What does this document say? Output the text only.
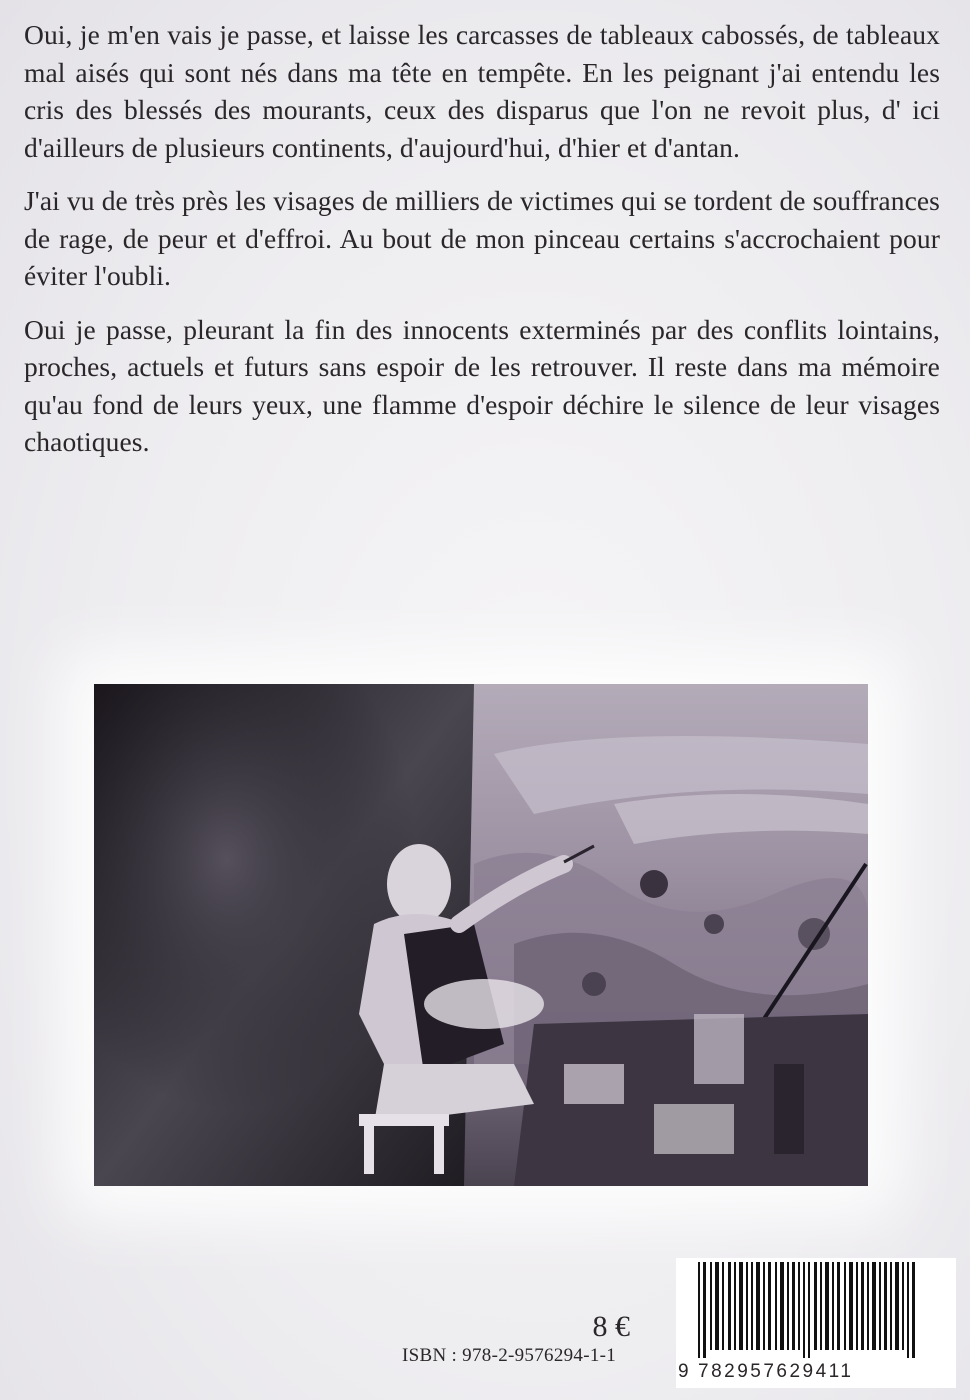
Oui, je m'en vais je passe, et laisse les carcasses de tableaux cabossés, de tableaux mal aisés qui sont nés dans ma tête en tempête. En les peignant j'ai entendu les cris des blessés des mourants, ceux des disparus que l'on ne revoit plus, d' ici d'ailleurs de plusieurs continents, d'aujourd'hui, d'hier et d'antan.

J'ai vu de très près les visages de milliers de victimes qui se tordent de souffrances de rage, de peur et d'effroi. Au bout de mon pinceau certains s'accrochaient pour éviter l'oubli.

Oui je passe, pleurant la fin des innocents exterminés par des conflits lointains, proches, actuels et futurs sans espoir de les retrouver. Il reste dans ma mémoire qu'au fond de leurs yeux, une flamme d'espoir déchire le silence de leur visages chaotiques.

8 €
ISBN : 978-2-9576294-1-1
9 782957629411
